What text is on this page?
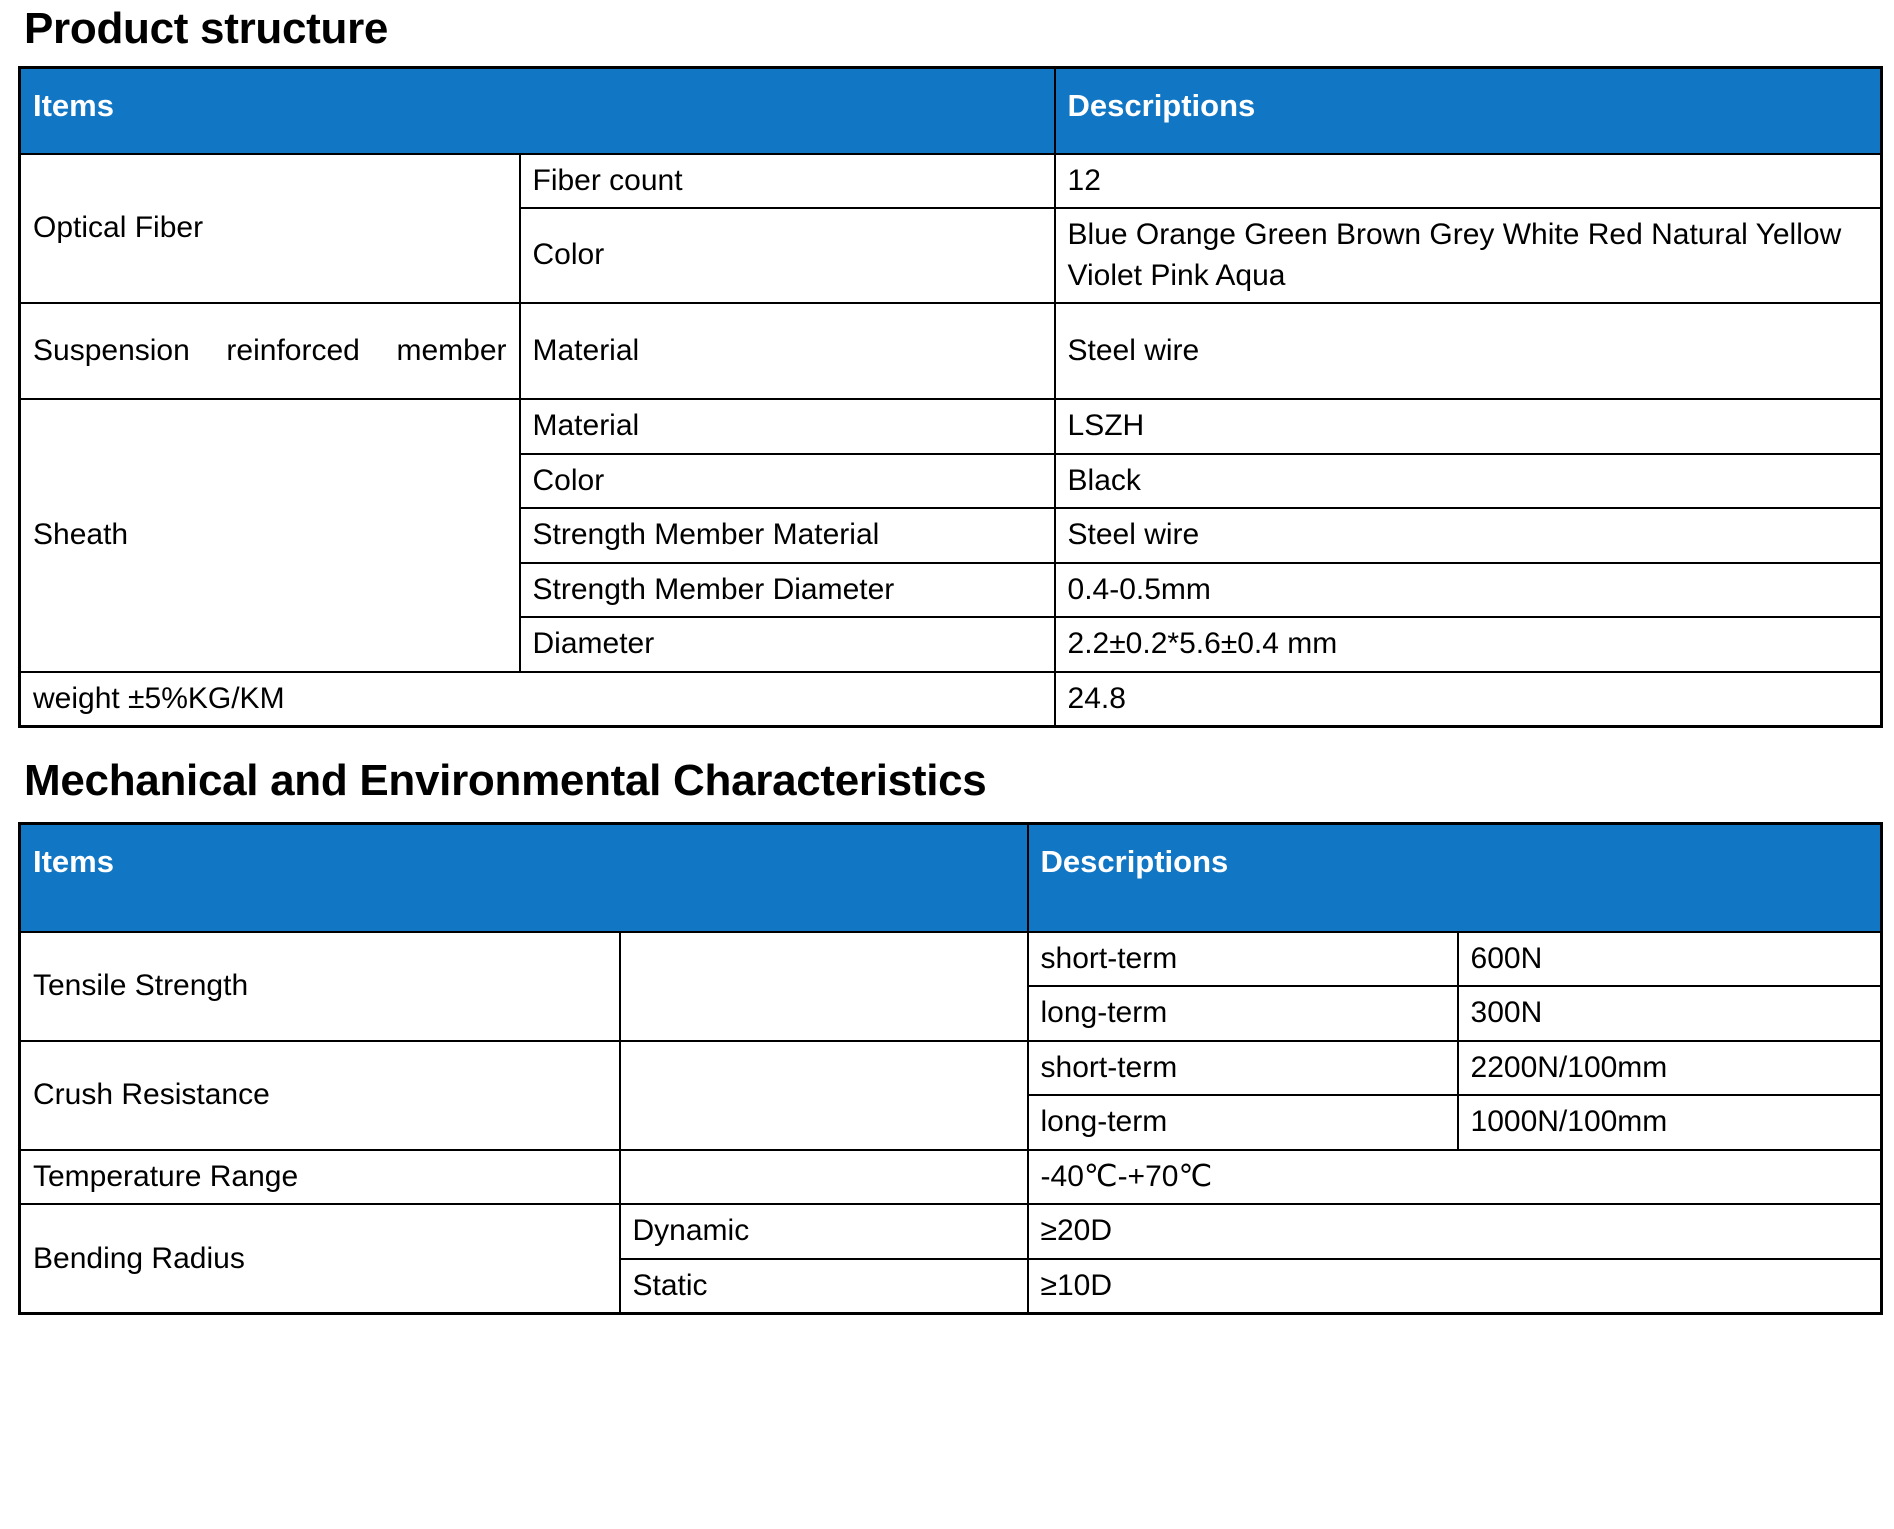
Product structure
Items		Descriptions
Optical Fiber	Fiber count	12
	Color	Blue Orange Green Brown Grey White Red Natural Yellow Violet Pink Aqua
Suspension reinforced member	Material	Steel wire
Sheath	Material	LSZH
	Color	Black
	Strength Member Material	Steel wire
	Strength Member Diameter	0.4-0.5mm
	Diameter	2.2±0.2*5.6±0.4 mm
weight ±5%KG/KM		24.8
Mechanical and Environmental Characteristics
Items		Descriptions	
Tensile Strength		short-term	600N
		long-term	300N
Crush Resistance		short-term	2200N/100mm
		long-term	1000N/100mm
Temperature Range		-40℃-+70℃	
Bending Radius	Dynamic	≥20D	
	Static	≥10D	
